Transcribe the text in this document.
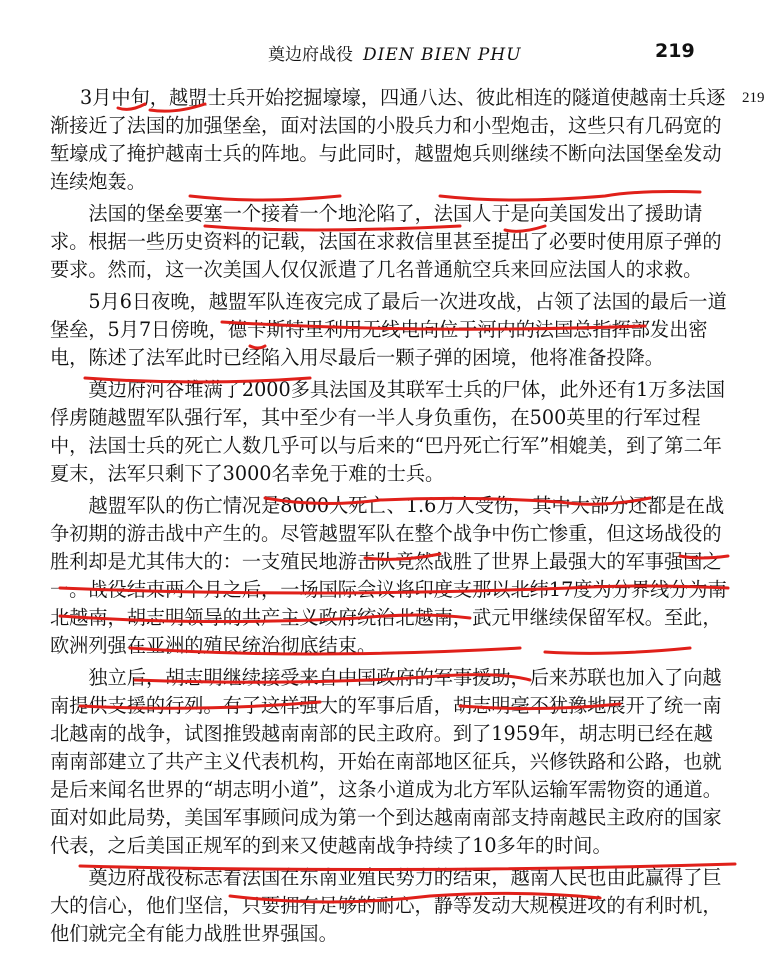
奠边府战役 DIEN BIEN PHU	219
219

3月中旬，越盟士兵开始挖掘壕壕，四通八达、彼此相连的隧道使越南士兵逐渐接近了法国的加强堡垒，面对法国的小股兵力和小型炮击，这些只有几码宽的堑壕成了掩护越南士兵的阵地。与此同时，越盟炮兵则继续不断向法国堡垒发动连续炮轰。

法国的堡垒要塞一个接着一个地沦陷了，法国人于是向美国发出了援助请求。根据一些历史资料的记载，法国在求救信里甚至提出了必要时使用原子弹的要求。然而，这一次美国人仅仅派遣了几名普通航空兵来回应法国人的求救。

5月6日夜晚，越盟军队连夜完成了最后一次进攻战，占领了法国的最后一道堡垒，5月7日傍晚，德卡斯特里利用无线电向位于河内的法国总指挥部发出密电，陈述了法军此时已经陷入用尽最后一颗子弹的困境，他将准备投降。

奠边府河谷堆满了2000多具法国及其联军士兵的尸体，此外还有1万多法国俘虏随越盟军队强行军，其中至少有一半人身负重伤，在500英里的行军过程中，法国士兵的死亡人数几乎可以与后来的“巴丹死亡行军”相媲美，到了第二年夏末，法军只剩下了3000名幸免于难的士兵。

越盟军队的伤亡情况是8000人死亡、1.6万人受伤，其中大部分还都是在战争初期的游击战中产生的。尽管越盟军队在整个战争中伤亡惨重，但这场战役的胜利却是尤其伟大的：一支殖民地游击队竟然战胜了世界上最强大的军事强国之一。战役结束两个月之后，一场国际会议将印度支那以北纬17度为分界线分为南北越南，胡志明领导的共产主义政府统治北越南，武元甲继续保留军权。至此，欧洲列强在亚洲的殖民统治彻底结束。

独立后，胡志明继续接受来自中国政府的军事援助，后来苏联也加入了向越南提供支援的行列。有了这样强大的军事后盾，胡志明毫不犹豫地展开了统一南北越南的战争，试图推毁越南南部的民主政府。到了1959年，胡志明已经在越南南部建立了共产主义代表机构，开始在南部地区征兵，兴修铁路和公路，也就是后来闻名世界的“胡志明小道”，这条小道成为北方军队运输军需物资的通道。面对如此局势，美国军事顾问成为第一个到达越南南部支持南越民主政府的国家代表，之后美国正规军的到来又使越南战争持续了10多年的时间。

奠边府战役标志着法国在东南亚殖民势力的结束，越南人民也由此赢得了巨大的信心，他们坚信，只要拥有足够的耐心，静等发动大规模进攻的有利时机，他们就完全有能力战胜世界强国。
